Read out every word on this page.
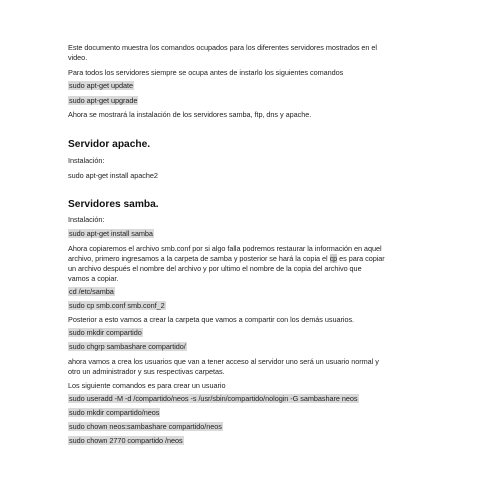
Este documento muestra los comandos ocupados para los diferentes servidores mostrados en el
video.
Para todos los servidores siempre se ocupa antes de instarlo los siguientes comandos
sudo apt-get update
sudo apt-get upgrade
Ahora se mostrará la instalación de los servidores samba, ftp, dns y apache.
Servidor apache.
Instalación:
sudo apt-get install apache2
Servidores samba.
Instalación:
sudo apt-get install samba
Ahora copiaremos el archivo smb.conf por si algo falla podremos restaurar la información en aquel
archivo, primero ingresamos a la carpeta de samba y posterior se hará la copia el cp es para copiar
un archivo después el nombre del archivo y por ultimo el nombre de la copia del archivo que
vamos a copiar.
cd /etc/samba
sudo cp smb.conf smb.conf_2
Posterior a esto vamos a crear la carpeta que vamos a compartir con los demás usuarios.
sudo mkdir compartido
sudo chgrp sambashare compartido/
ahora vamos a crea los usuarios que van a tener acceso al servidor uno será un usuario normal y
otro un administrador y sus respectivas carpetas.
Los siguiente comandos es para crear un usuario
sudo useradd -M -d /compartido/neos -s /usr/sbin/compartido/nologin -G sambashare neos
sudo mkdir compartido/neos
sudo chown neos:sambashare compartido/neos
sudo chown 2770 compartido /neos
